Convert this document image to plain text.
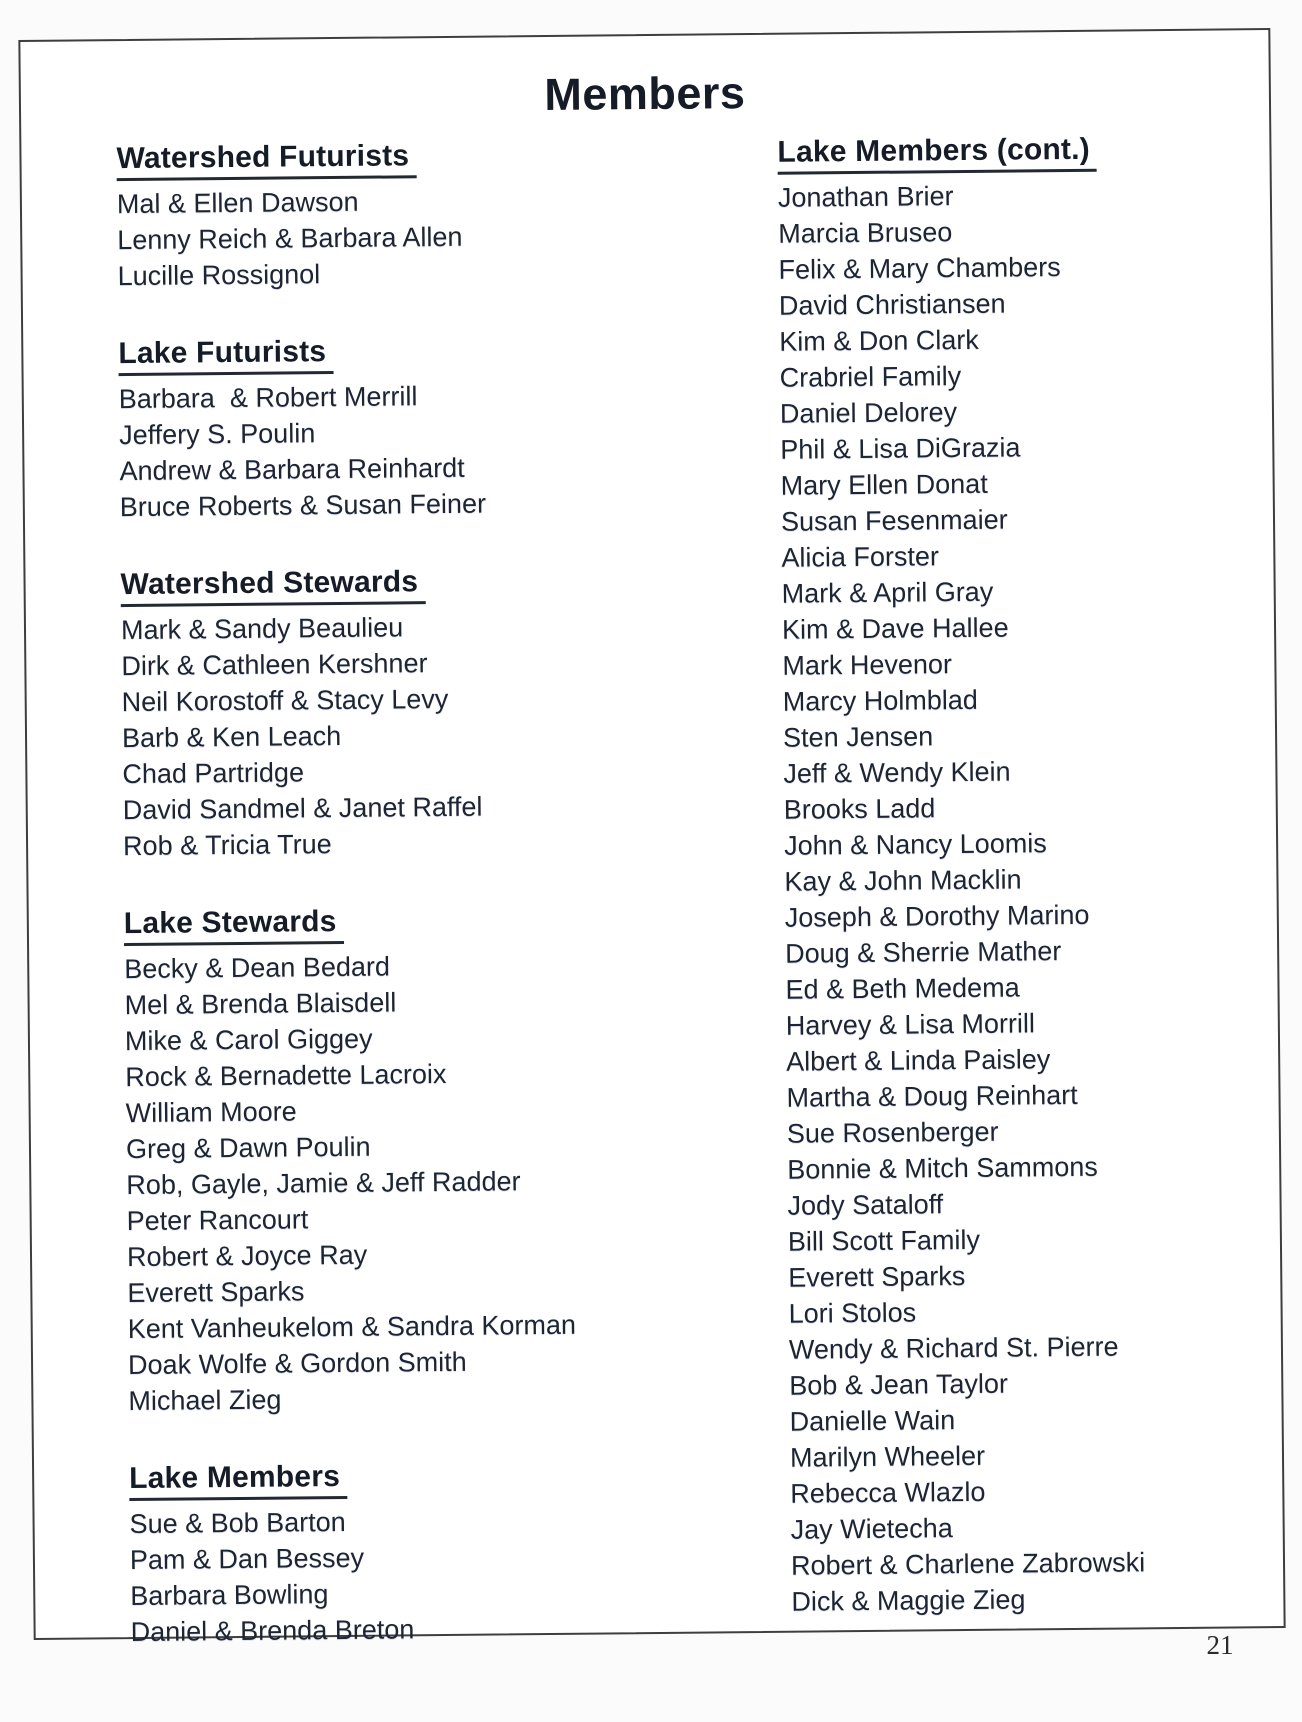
Members
Watershed Futurists
Mal & Ellen Dawson
Lenny Reich & Barbara Allen
Lucille Rossignol
Lake Futurists
Barbara  & Robert Merrill
Jeffery S. Poulin
Andrew & Barbara Reinhardt
Bruce Roberts & Susan Feiner
Watershed Stewards
Mark & Sandy Beaulieu
Dirk & Cathleen Kershner
Neil Korostoff & Stacy Levy
Barb & Ken Leach
Chad Partridge
David Sandmel & Janet Raffel
Rob & Tricia True
Lake Stewards
Becky & Dean Bedard
Mel & Brenda Blaisdell
Mike & Carol Giggey
Rock & Bernadette Lacroix
William Moore
Greg & Dawn Poulin
Rob, Gayle, Jamie & Jeff Radder
Peter Rancourt
Robert & Joyce Ray
Everett Sparks
Kent Vanheukelom & Sandra Korman
Doak Wolfe & Gordon Smith
Michael Zieg
Lake Members
Sue & Bob Barton
Pam & Dan Bessey
Barbara Bowling
Daniel & Brenda Breton
Lake Members (cont.)
Jonathan Brier
Marcia Bruseo
Felix & Mary Chambers
David Christiansen
Kim & Don Clark
Crabriel Family
Daniel Delorey
Phil & Lisa DiGrazia
Mary Ellen Donat
Susan Fesenmaier
Alicia Forster
Mark & April Gray
Kim & Dave Hallee
Mark Hevenor
Marcy Holmblad
Sten Jensen
Jeff & Wendy Klein
Brooks Ladd
John & Nancy Loomis
Kay & John Macklin
Joseph & Dorothy Marino
Doug & Sherrie Mather
Ed & Beth Medema
Harvey & Lisa Morrill
Albert & Linda Paisley
Martha & Doug Reinhart
Sue Rosenberger
Bonnie & Mitch Sammons
Jody Sataloff
Bill Scott Family
Everett Sparks
Lori Stolos
Wendy & Richard St. Pierre
Bob & Jean Taylor
Danielle Wain
Marilyn Wheeler
Rebecca Wlazlo
Jay Wietecha
Robert & Charlene Zabrowski
Dick & Maggie Zieg
21
